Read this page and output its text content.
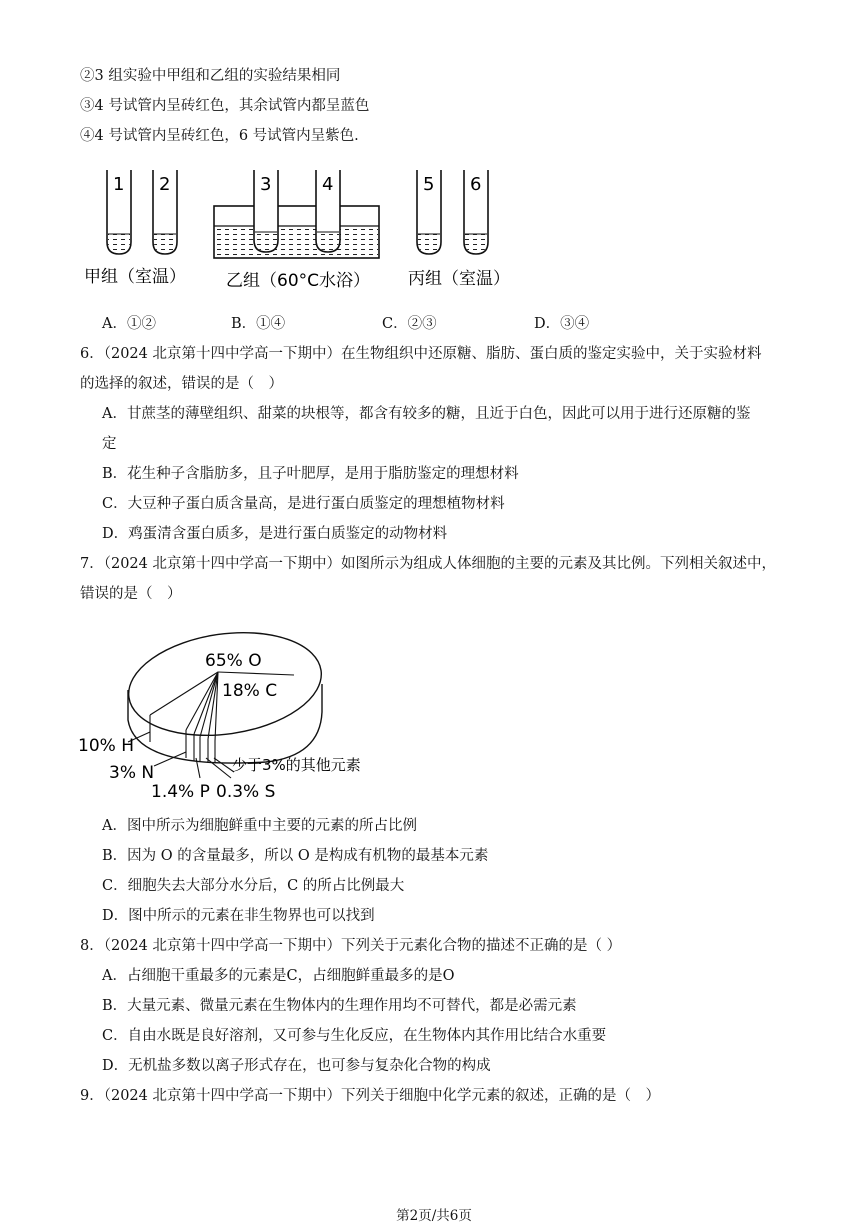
②3 组实验中甲组和乙组的实验结果相同
③4 号试管内呈砖红色，其余试管内都呈蓝色
④4 号试管内呈砖红色，6 号试管内呈紫色.
1 2	3	4	5 6
甲组（室温） 乙组（60°C水浴） 丙组（室温）
A．①②	B．①④	C．②③	D．③④
6．（2024 北京第十四中学高一下期中）在生物组织中还原糖、脂肪、蛋白质的鉴定实验中，关于实验材料
的选择的叙述，错误的是（　）
A．甘蔗茎的薄壁组织、甜菜的块根等，都含有较多的糖，且近于白色，因此可以用于进行还原糖的鉴
定
B．花生种子含脂肪多，且子叶肥厚，是用于脂肪鉴定的理想材料
C．大豆种子蛋白质含量高，是进行蛋白质鉴定的理想植物材料
D．鸡蛋清含蛋白质多，是进行蛋白质鉴定的动物材料
7．（2024 北京第十四中学高一下期中）如图所示为组成人体细胞的主要的元素及其比例。下列相关叙述中，
错误的是（　）
65% O
18% C
10% H
3% N
1.4% P 0.3% S
少于3%的其他元素
A．图中所示为细胞鲜重中主要的元素的所占比例
B．因为 O 的含量最多，所以 O 是构成有机物的最基本元素
C．细胞失去大部分水分后，C 的所占比例最大
D．图中所示的元素在非生物界也可以找到
8．（2024 北京第十四中学高一下期中）下列关于元素化合物的描述不正确的是（ ）
A．占细胞干重最多的元素是C，占细胞鲜重最多的是O
B．大量元素、微量元素在生物体内的生理作用均不可替代，都是必需元素
C．自由水既是良好溶剂，又可参与生化反应，在生物体内其作用比结合水重要
D．无机盐多数以离子形式存在，也可参与复杂化合物的构成
9．（2024 北京第十四中学高一下期中）下列关于细胞中化学元素的叙述，正确的是（　）
第2页/共6页
